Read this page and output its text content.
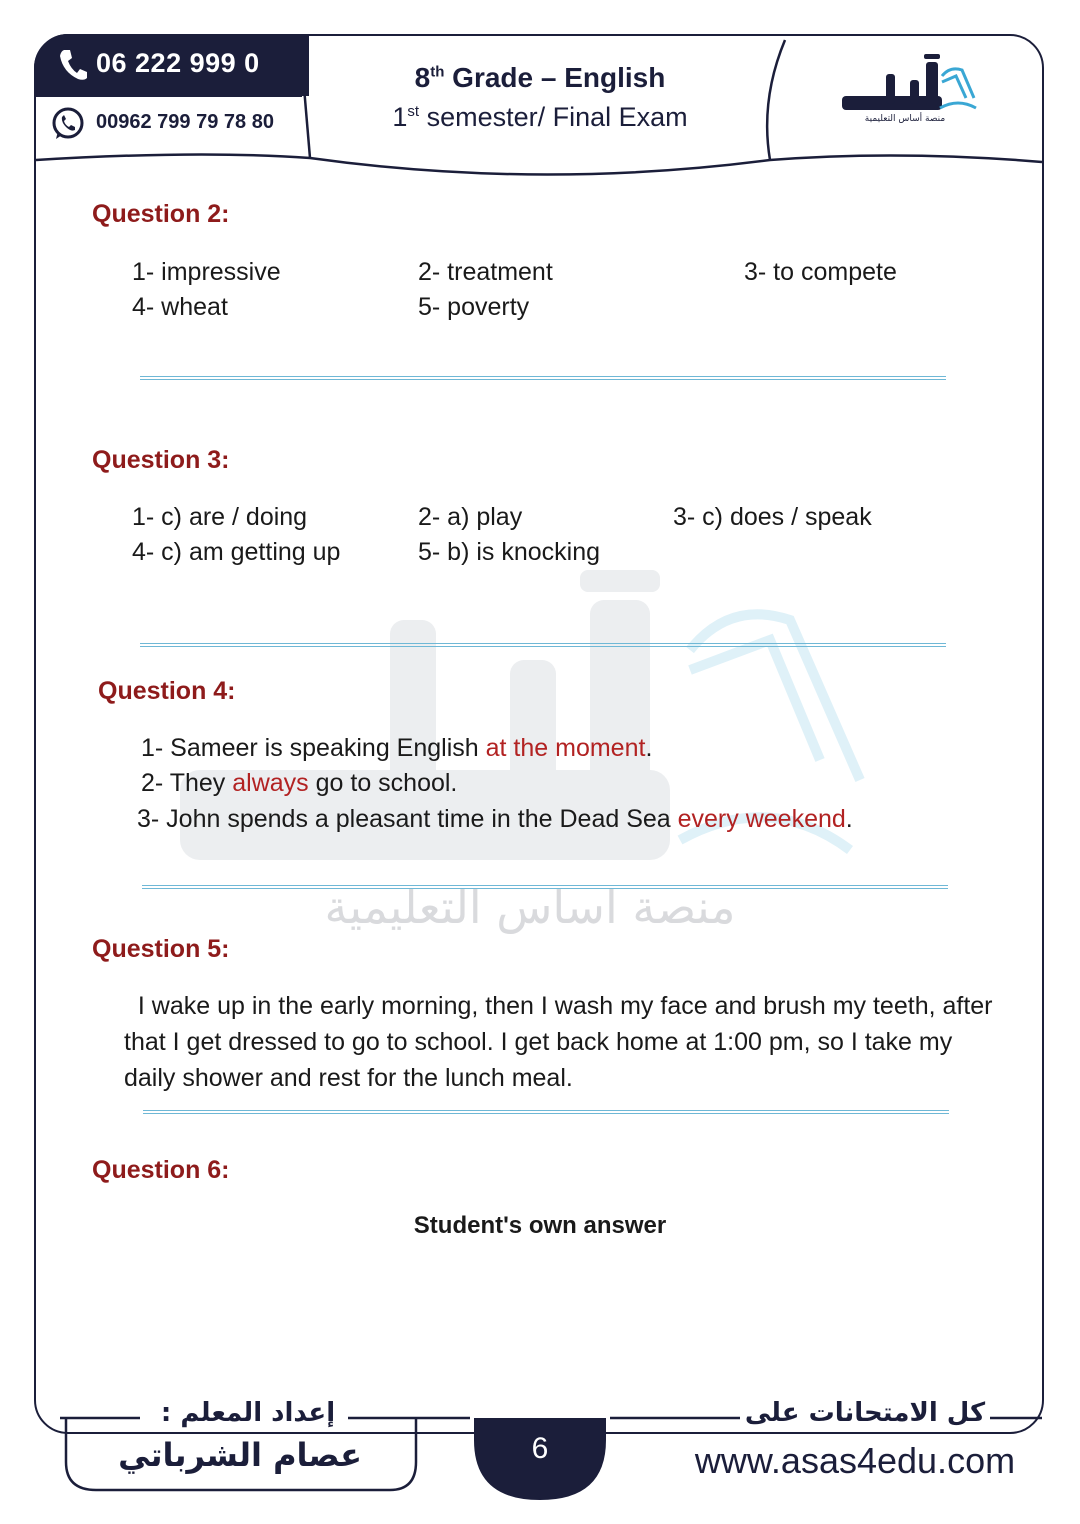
منصة اساس التعليمية
06 222 999 0
00962 799 79 78 80
8th Grade – English
1st semester/ Final Exam	منصة أساس التعليمية
Question 2:
1- impressive	2- treatment	3- to compete
4- wheat	5- poverty
Question 3:
1- c) are / doing	2- a) play	3- c) does / speak
4- c) am getting up	5- b) is knocking
Question 4:
1- Sameer is speaking English at the moment.
2- They always go to school.
3- John spends a pleasant time in the Dead Sea every weekend.
Question 5:
I wake up in the early morning, then I wash my face and brush my teeth, after that I get dressed to go to school. I get back home at 1:00 pm, so I take my daily shower and rest for the lunch meal.
Question 6:
Student's own answer
إعداد المعلم :
عصام الشرباتي	6
كل الامتحانات على
www.asas4edu.com
